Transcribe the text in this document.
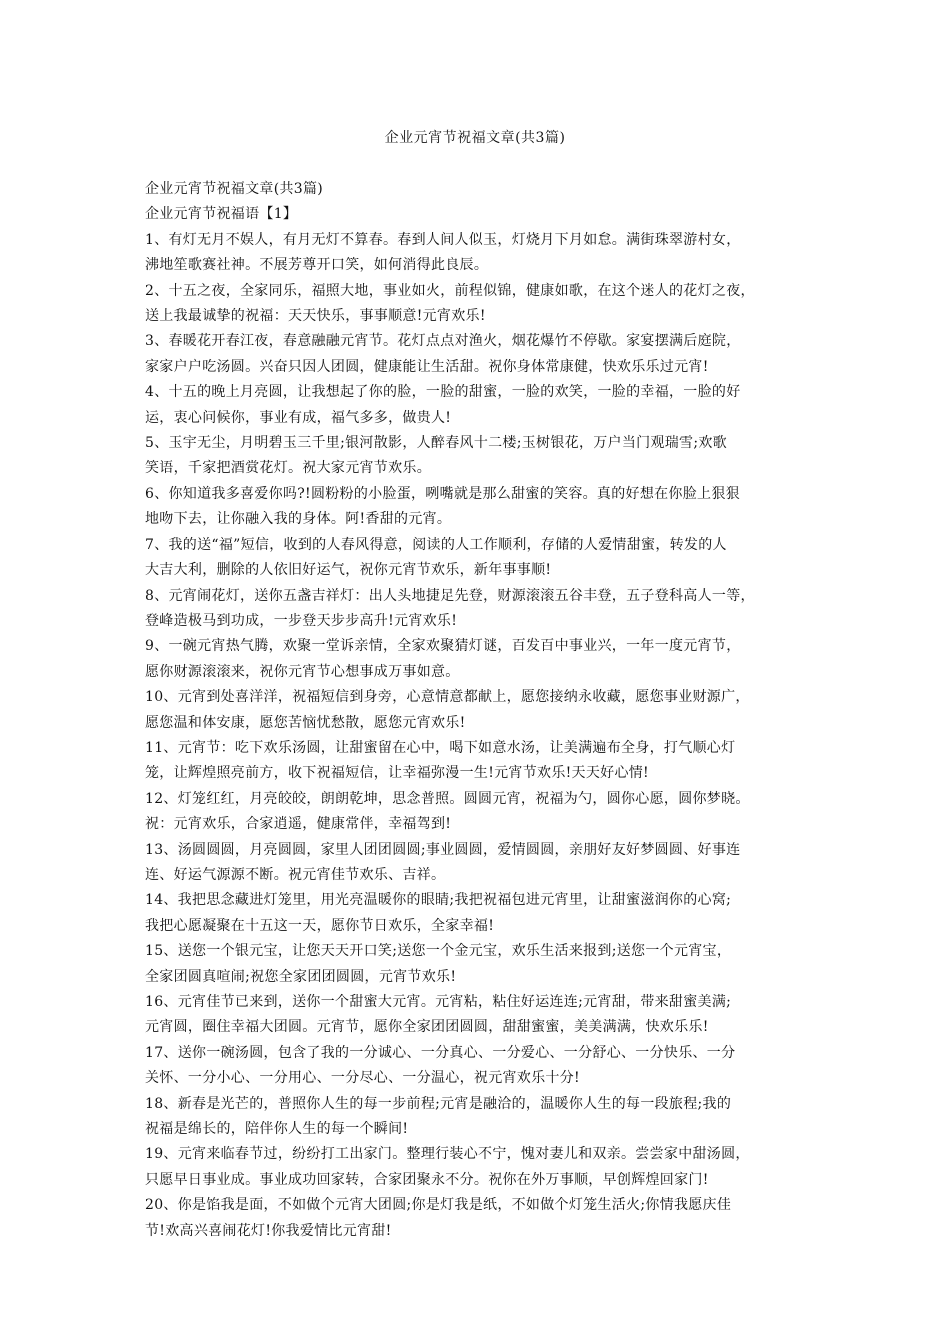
企业元宵节祝福文章(共3篇)
企业元宵节祝福文章(共3篇)
企业元宵节祝福语【1】
1、有灯无月不娱人，有月无灯不算春。春到人间人似玉，灯烧月下月如怠。满街珠翠游村女，
沸地笙歌赛社神。不展芳尊开口笑，如何消得此良辰。
2、十五之夜，全家同乐，福照大地，事业如火，前程似锦，健康如歌，在这个迷人的花灯之夜，
送上我最诚挚的祝福：天天快乐，事事顺意!元宵欢乐!
3、春暖花开春江夜，春意融融元宵节。花灯点点对渔火，烟花爆竹不停歇。家宴摆满后庭院，
家家户户吃汤圆。兴奋只因人团圆，健康能让生活甜。祝你身体常康健，快欢乐乐过元宵!
4、十五的晚上月亮圆，让我想起了你的脸，一脸的甜蜜，一脸的欢笑，一脸的幸福，一脸的好
运，衷心问候你，事业有成，福气多多，做贵人!
5、玉宇无尘，月明碧玉三千里;银河散影，人醉春风十二楼;玉树银花，万户当门观瑞雪;欢歌
笑语，千家把酒赏花灯。祝大家元宵节欢乐。
6、你知道我多喜爱你吗?!圆粉粉的小脸蛋，咧嘴就是那么甜蜜的笑容。真的好想在你脸上狠狠
地吻下去，让你融入我的身体。阿!香甜的元宵。
7、我的送“福”短信，收到的人春风得意，阅读的人工作顺利，存储的人爱情甜蜜，转发的人
大吉大利，删除的人依旧好运气，祝你元宵节欢乐，新年事事顺!
8、元宵闹花灯，送你五盏吉祥灯：出人头地捷足先登，财源滚滚五谷丰登，五子登科高人一等，
登峰造极马到功成，一步登天步步高升!元宵欢乐!
9、一碗元宵热气腾，欢聚一堂诉亲情，全家欢聚猜灯谜，百发百中事业兴，一年一度元宵节，
愿你财源滚滚来，祝你元宵节心想事成万事如意。
10、元宵到处喜洋洋，祝福短信到身旁，心意情意都献上，愿您接纳永收藏，愿您事业财源广，
愿您温和体安康，愿您苦恼忧愁散，愿您元宵欢乐!
11、元宵节：吃下欢乐汤圆，让甜蜜留在心中，喝下如意水汤，让美满遍布全身，打气顺心灯
笼，让辉煌照亮前方，收下祝福短信，让幸福弥漫一生!元宵节欢乐!天天好心情!
12、灯笼红红，月亮皎皎，朗朗乾坤，思念普照。圆圆元宵，祝福为勺，圆你心愿，圆你梦晓。
祝：元宵欢乐，合家逍遥，健康常伴，幸福驾到!
13、汤圆圆圆，月亮圆圆，家里人团团圆圆;事业圆圆，爱情圆圆，亲朋好友好梦圆圆、好事连
连、好运气源源不断。祝元宵佳节欢乐、吉祥。
14、我把思念藏进灯笼里，用光亮温暖你的眼睛;我把祝福包进元宵里，让甜蜜滋润你的心窝;
我把心愿凝聚在十五这一天，愿你节日欢乐，全家幸福!
15、送您一个银元宝，让您天天开口笑;送您一个金元宝，欢乐生活来报到;送您一个元宵宝，
全家团圆真喧闹;祝您全家团团圆圆，元宵节欢乐!
16、元宵佳节已来到，送你一个甜蜜大元宵。元宵粘，粘住好运连连;元宵甜，带来甜蜜美满;
元宵圆，圈住幸福大团圆。元宵节，愿你全家团团圆圆，甜甜蜜蜜，美美满满，快欢乐乐!
17、送你一碗汤圆，包含了我的一分诚心、一分真心、一分爱心、一分舒心、一分快乐、一分
关怀、一分小心、一分用心、一分尽心、一分温心，祝元宵欢乐十分!
18、新春是光芒的，普照你人生的每一步前程;元宵是融洽的，温暖你人生的每一段旅程;我的
祝福是绵长的，陪伴你人生的每一个瞬间!
19、元宵来临春节过，纷纷打工出家门。整理行装心不宁，愧对妻儿和双亲。尝尝家中甜汤圆，
只愿早日事业成。事业成功回家转，合家团聚永不分。祝你在外万事顺，早创辉煌回家门!
20、你是馅我是面，不如做个元宵大团圆;你是灯我是纸，不如做个灯笼生活火;你情我愿庆佳
节!欢高兴喜闹花灯!你我爱情比元宵甜!
